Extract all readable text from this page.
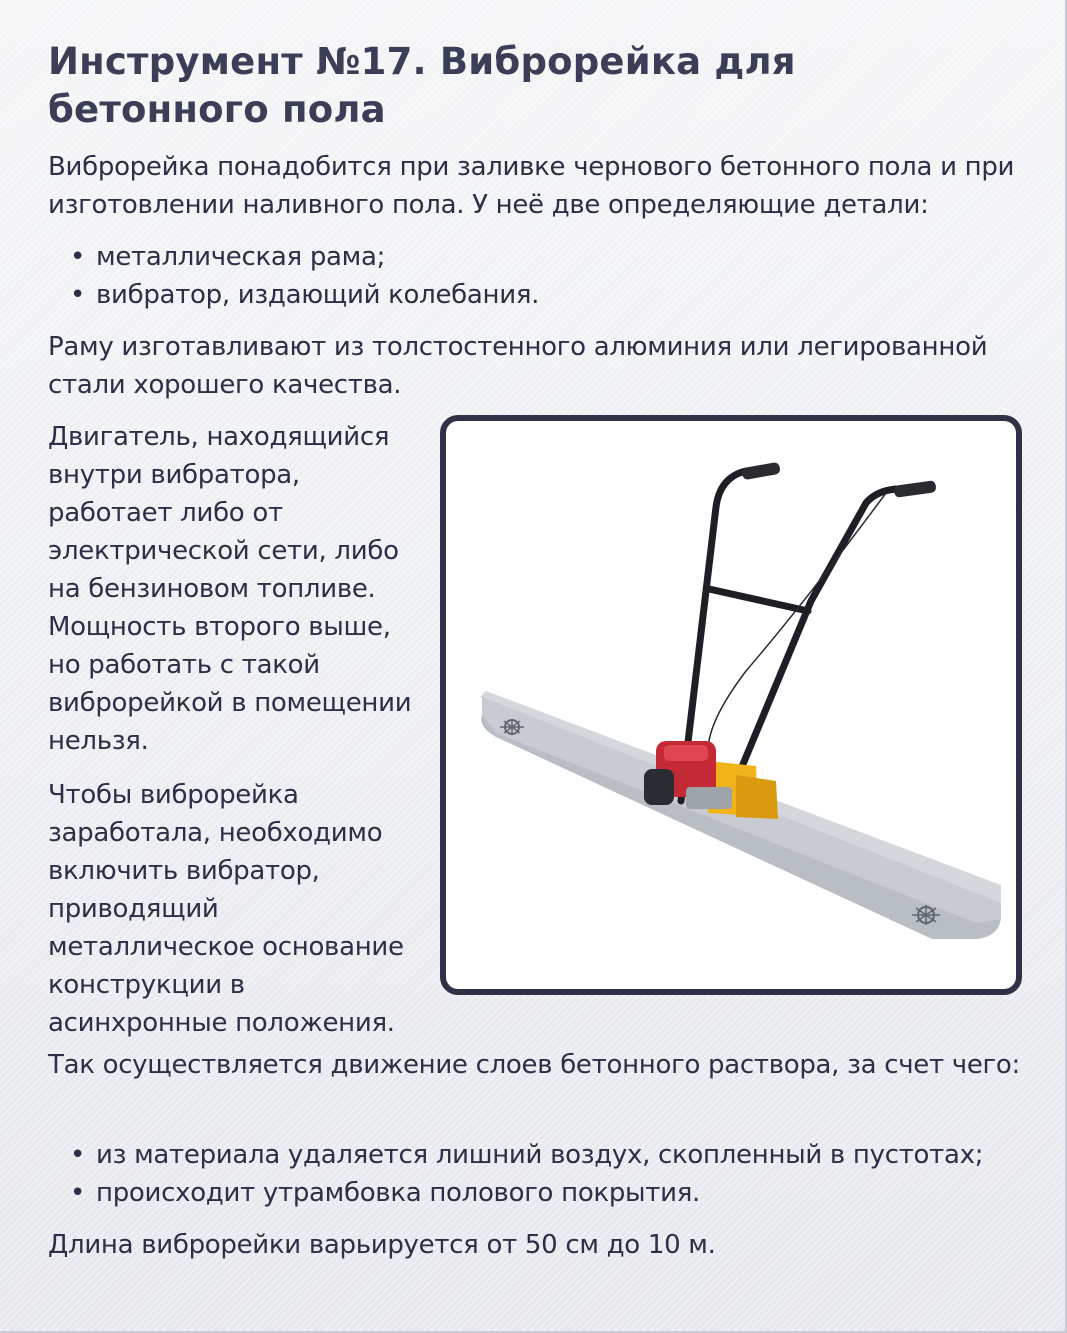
Инструмент №17. Виброрейка для бетонного пола

Виброрейка понадобится при заливке чернового бетонного пола и при изготовлении наливного пола. У неё две определяющие детали:

• металлическая рама;
• вибратор, издающий колебания.

Раму изготавливают из толстостенного алюминия или легированной стали хорошего качества.

Двигатель, находящийся внутри вибратора, работает либо от электрической сети, либо на бензиновом топливе. Мощность второго выше, но работать с такой виброрейкой в помещении нельзя.

Чтобы виброрейка заработала, необходимо включить вибратор, приводящий металлическое основание конструкции в асинхронные положения.

Так осуществляется движение слоев бетонного раствора, за счет чего:

• из материала удаляется лишний воздух, скопленный в пустотах;
• происходит утрамбовка полового покрытия.

Длина виброрейки варьируется от 50 см до 10 м.
